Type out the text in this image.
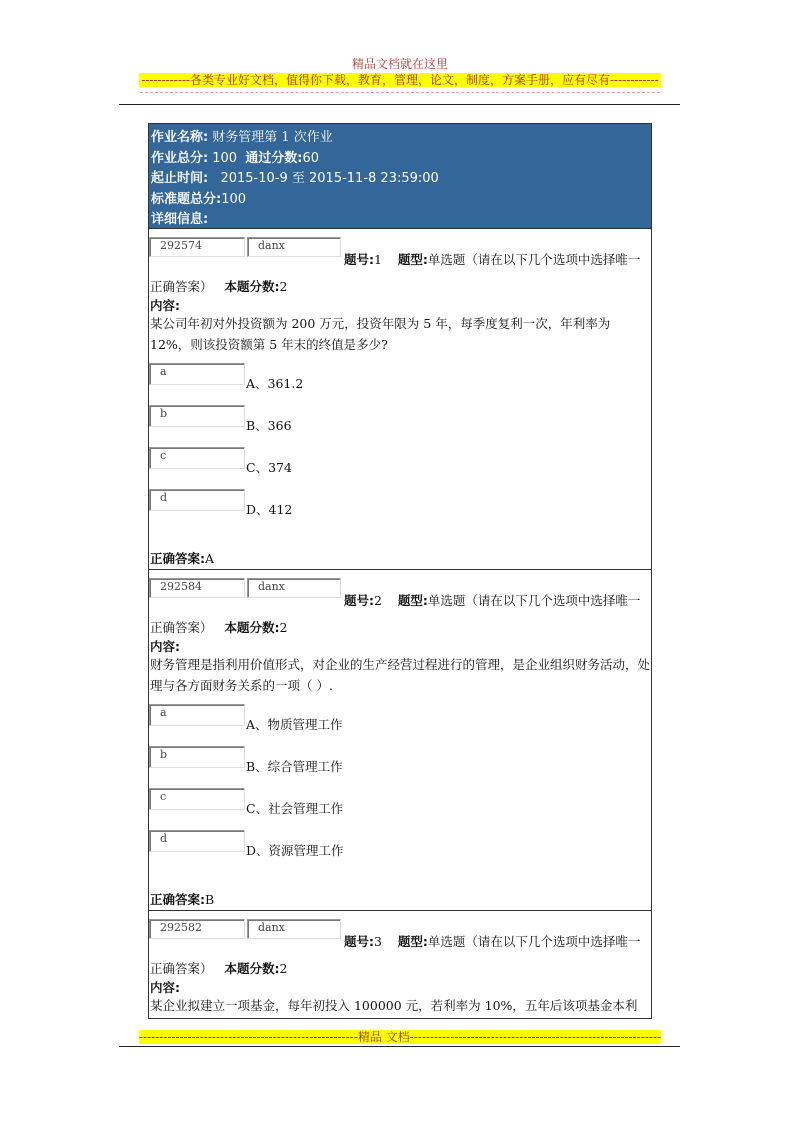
精品文档就在这里
------------各类专业好文档，值得你下载，教育，管理，论文，制度，方案手册，应有尽有------------
作业名称: 财务管理第 1 次作业
作业总分: 100 通过分数:60
起止时间: 2015-10-9 至 2015-11-8 23:59:00
标准题总分:100
详细信息:
292574	danx
题号:1 题型:单选题（请在以下几个选项中选择唯一
正确答案） 本题分数:2
内容:
某公司年初对外投资额为 200 万元，投资年限为 5 年，每季度复利一次，年利率为 12%，则该投资额第 5 年末的终值是多少?
a
A、361.2
b
B、366
c
C、374
d
D、412
正确答案:A
292584	danx
题号:2 题型:单选题（请在以下几个选项中选择唯一
正确答案） 本题分数:2
内容:
财务管理是指利用价值形式，对企业的生产经营过程进行的管理，是企业组织财务活动，处理与各方面财务关系的一项（ ）.
a
A、物质管理工作
b
B、综合管理工作
c
C、社会管理工作
d
D、资源管理工作
正确答案:B
292582	danx
题号:3 题型:单选题（请在以下几个选项中选择唯一
正确答案） 本题分数:2
内容:
某企业拟建立一项基金，每年初投入 100000 元，若利率为 10%，五年后该项基金本利
------------------------------------------------------精品 文档--------------------------------------------------------------
